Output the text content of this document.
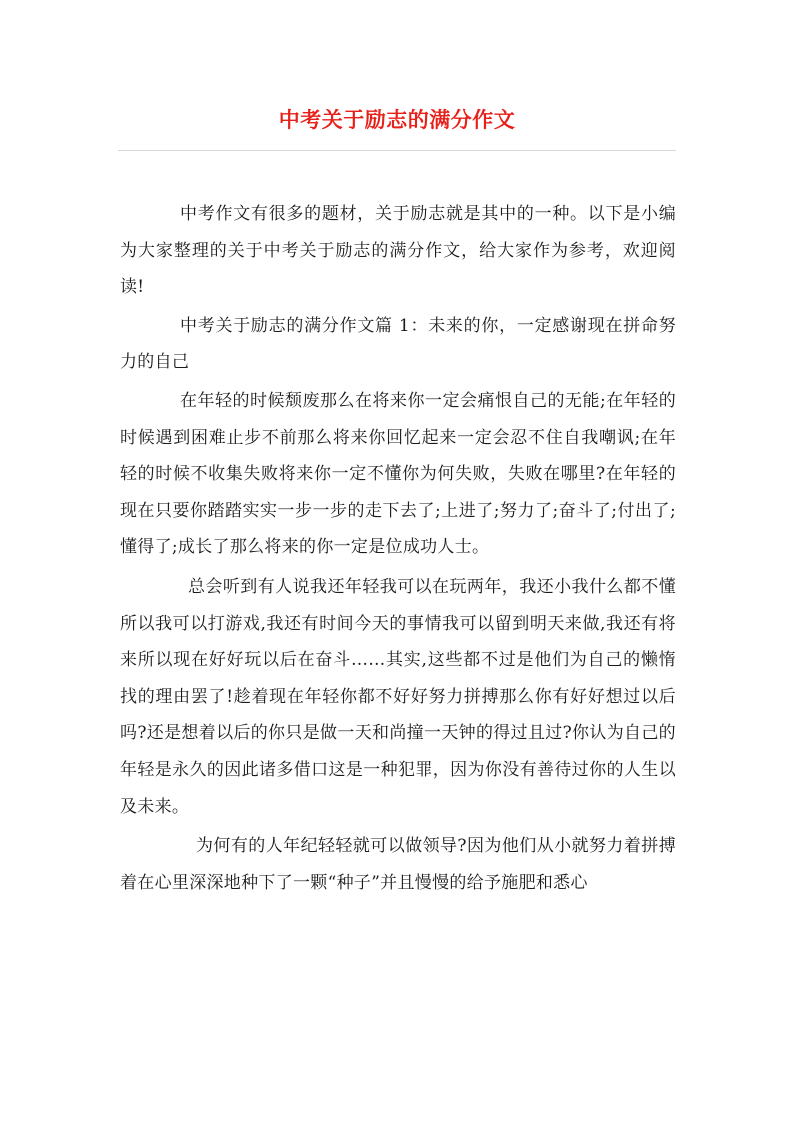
中考关于励志的满分作文

中考作文有很多的题材，关于励志就是其中的一种。以下是小编为大家整理的关于中考关于励志的满分作文，给大家作为参考，欢迎阅读!

中考关于励志的满分作文篇 1：未来的你，一定感谢现在拼命努力的自己

在年轻的时候颓废那么在将来你一定会痛恨自己的无能;在年轻的时候遇到困难止步不前那么将来你回忆起来一定会忍不住自我嘲讽;在年轻的时候不收集失败将来你一定不懂你为何失败，失败在哪里?在年轻的现在只要你踏踏实实一步一步的走下去了;上进了;努力了;奋斗了;付出了;懂得了;成长了那么将来的你一定是位成功人士。

总会听到有人说我还年轻我可以在玩两年，我还小我什么都不懂所以我可以打游戏,我还有时间今天的事情我可以留到明天来做,我还有将来所以现在好好玩以后在奋斗……其实,这些都不过是他们为自己的懒惰找的理由罢了!趁着现在年轻你都不好好努力拼搏那么你有好好想过以后吗?还是想着以后的你只是做一天和尚撞一天钟的得过且过?你认为自己的年轻是永久的因此诸多借口这是一种犯罪，因为你没有善待过你的人生以及未来。

为何有的人年纪轻轻就可以做领导?因为他们从小就努力着拼搏着在心里深深地种下了一颗“种子”并且慢慢的给予施肥和悉心
